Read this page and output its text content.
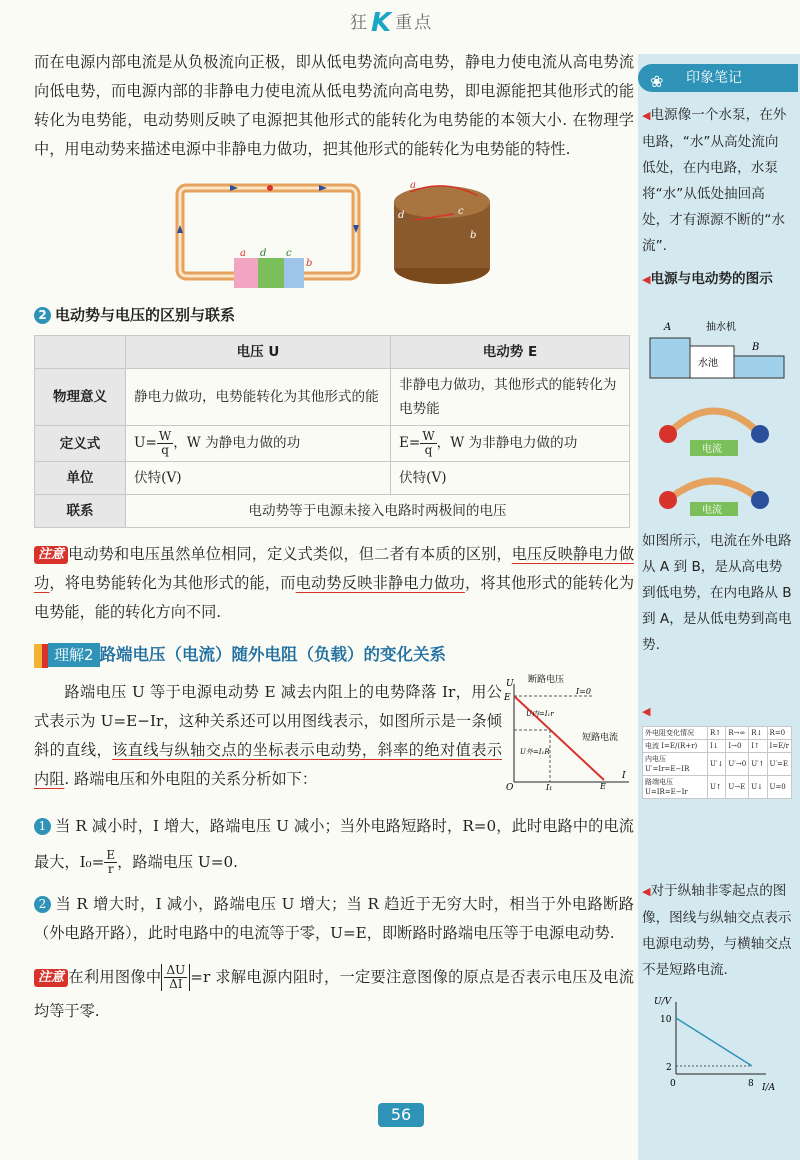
狂K 重点

而在电源内部电流是从负极流向正极，即从低电势流向高电势，静电力使电流从高电势流向低电势，而电源内部的非静电力使电流从低电势流向高电势，即电源能把其他形式的能转化为电势能，电动势则反映了电源把其他形式的能转化为电势能的本领大小. 在物理学中，用电动势来描述电源中非静电力做功，把其他形式的能转化为电势能的特性.

a d c
b
a
d	c
b
2 电动势与电压的区别与联系
	电压 U	电动势 E
物理意义	静电力做功，电势能转化为其他形式的能	非静电力做功，其他形式的能转化为电势能
定义式	$U= \frac{W}{q}$ ，W 为静电力做的功	$E= \frac{W}{q}$ ，W 为非静电力做的功
单位	伏特(V)	伏特(V)
联系	电动势等于电源未接入电路时两极间的电压	

注意 电动势和电压虽然单位相同，定义式类似，但二者有本质的区别，电压反映静电力做功，将电势能转化为其他形式的能，而电动势反映非静电力做功，将其他形式的能转化为电势能，能的转化方向不同.

理解2 路端电压（电流）随外电阻（负载）的变化关系

路端电压 U 等于电源电动势 E 减去内阻上的电势降落 Ir，用公式表示为 U=E−Ir，这种关系还可以用图线表示，如图所示是一条倾斜的直线，该直线与纵轴交点的坐标表示电动势，斜率的绝对值表示内阻. 路端电压和外电阻的关系分析如下：

U
I
E
O	I₁	E
断路电压
I=0
短路电流
U内=I₁r
U外=I₁R

1 当 R 减小时，I 增大，路端电压 U 减小；当外电路短路时，R=0，此时电路中的电流最大，$I_0= \frac{E}{r}$ ，路端电压 U=0.

2 当 R 增大时，I 减小，路端电压 U 增大；当 R 趋近于无穷大时，相当于外电路断路（外电路开路），此时电路中的电流等于零，U=E，即断路时路端电压等于电源电动势.

注意 在利用图像中 $\frac{\Delta U}{\Delta I} =r$ 求解电源内阻时，一定要注意图像的原点是否表示电压及电流均等于零.

❀ 印象笔记
◀电源像一个水泵，在外电路，“水”从高处流向低处，在内电路，水泵将“水”从低处抽回高处，才有源源不断的“水流”.
◀电源与电动势的图示
A
B
抽水机
水池
电流
电流
如图所示，电流在外电路从 A 到 B，是从高电势到低电势，在内电路从 B 到 A，是从低电势到高电势.
◀
外电阻变化情况	R↑	R→∞	R↓	R=0
电流 I=E/(R+r)	I↓	I→0	I↑	I=E/r
内电压 U′=Ir=E−IR	U′↓	U′→0	U′↑	U′=E
路端电压 U=IR=E−Ir	U↑	U→E	U↓	U=0
◀对于纵轴非零起点的图像，图线与纵轴交点表示电源电动势，与横轴交点不是短路电流.
U/V
I/A
10
2
8
0
56
